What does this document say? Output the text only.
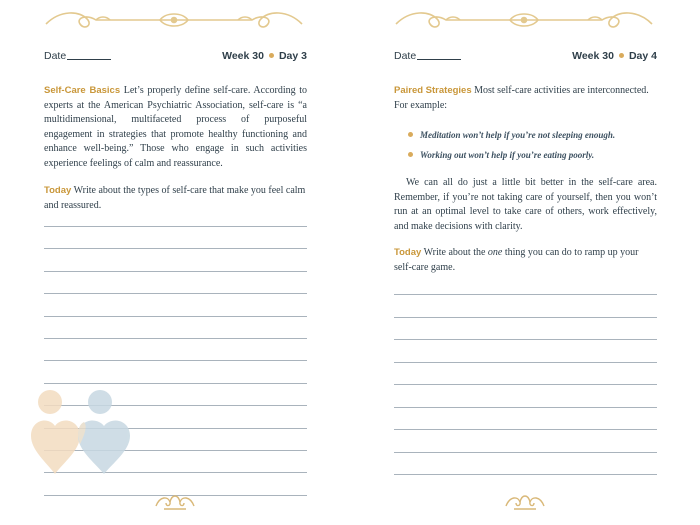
Date	Week 30 Day 3
Self-Care Basics Let’s properly define self-care. According to experts at the American Psychiatric Association, self-care is “a multidimensional, multifaceted process of purposeful engagement in strategies that promote healthy functioning and enhance well-being.” Those who engage in such activities experience feelings of calm and reassurance.
Today Write about the types of self-care that make you feel calm and reassured.
Date	Week 30 Day 4
Paired Strategies Most self-care activities are interconnected. For example:
Meditation won’t help if you’re not sleeping enough.
Working out won’t help if you’re eating poorly.
We can all do just a little bit better in the self-care area. Remember, if you’re not taking care of yourself, then you won’t run at an optimal level to take care of others, work effectively, and make decisions with clarity.
Today Write about the one thing you can do to ramp up your self-care game.
